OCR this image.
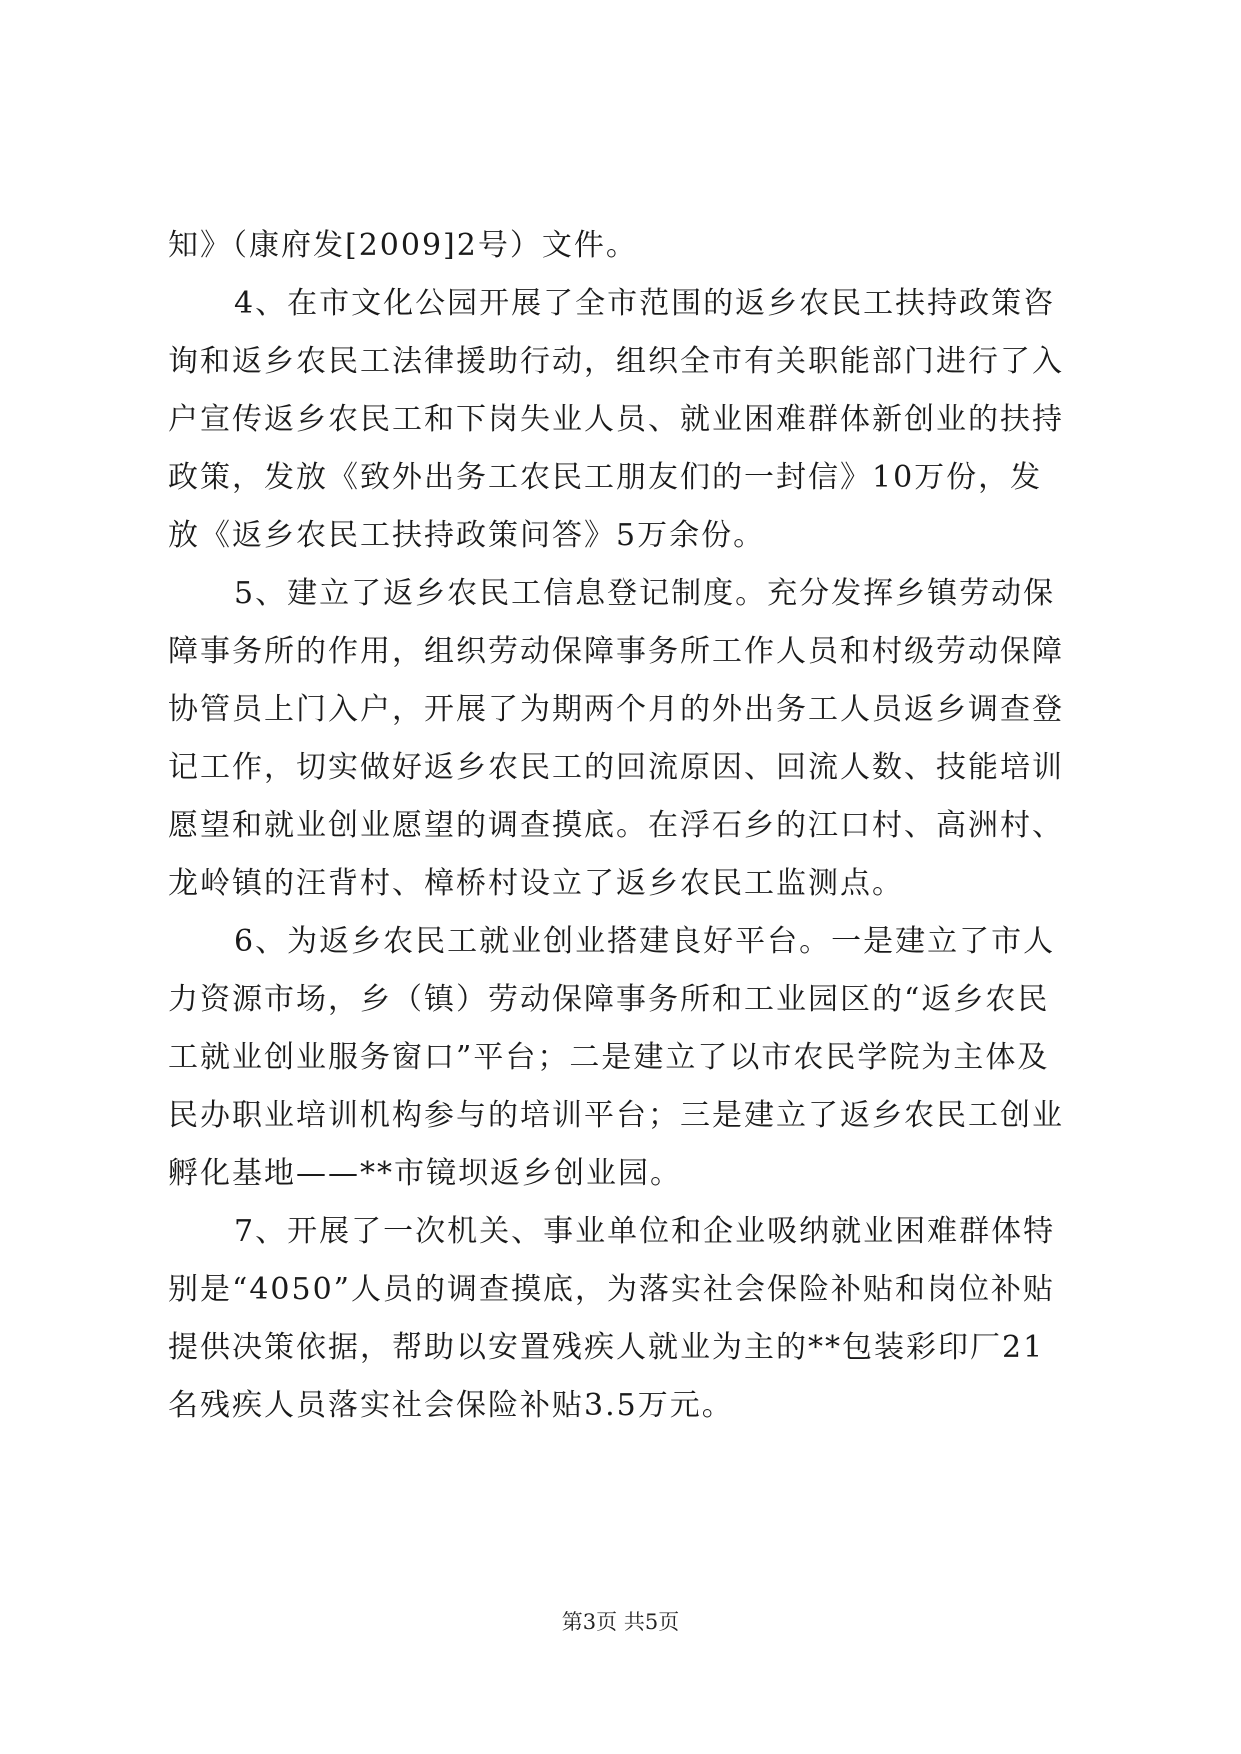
知》（康府发[2009]2号）文件。
4、在市文化公园开展了全市范围的返乡农民工扶持政策咨
询和返乡农民工法律援助行动，组织全市有关职能部门进行了入
户宣传返乡农民工和下岗失业人员、就业困难群体新创业的扶持
政策，发放《致外出务工农民工朋友们的一封信》10万份，发
放《返乡农民工扶持政策问答》5万余份。
5、建立了返乡农民工信息登记制度。充分发挥乡镇劳动保
障事务所的作用，组织劳动保障事务所工作人员和村级劳动保障
协管员上门入户，开展了为期两个月的外出务工人员返乡调查登
记工作，切实做好返乡农民工的回流原因、回流人数、技能培训
愿望和就业创业愿望的调查摸底。在浮石乡的江口村、高洲村、
龙岭镇的汪背村、樟桥村设立了返乡农民工监测点。
6、为返乡农民工就业创业搭建良好平台。一是建立了市人
力资源市场，乡（镇）劳动保障事务所和工业园区的“返乡农民
工就业创业服务窗口”平台；二是建立了以市农民学院为主体及
民办职业培训机构参与的培训平台；三是建立了返乡农民工创业
孵化基地——**市镜坝返乡创业园。
7、开展了一次机关、事业单位和企业吸纳就业困难群体特
别是“4050”人员的调查摸底，为落实社会保险补贴和岗位补贴
提供决策依据，帮助以安置残疾人就业为主的**包装彩印厂21
名残疾人员落实社会保险补贴3.5万元。
第3页 共5页
